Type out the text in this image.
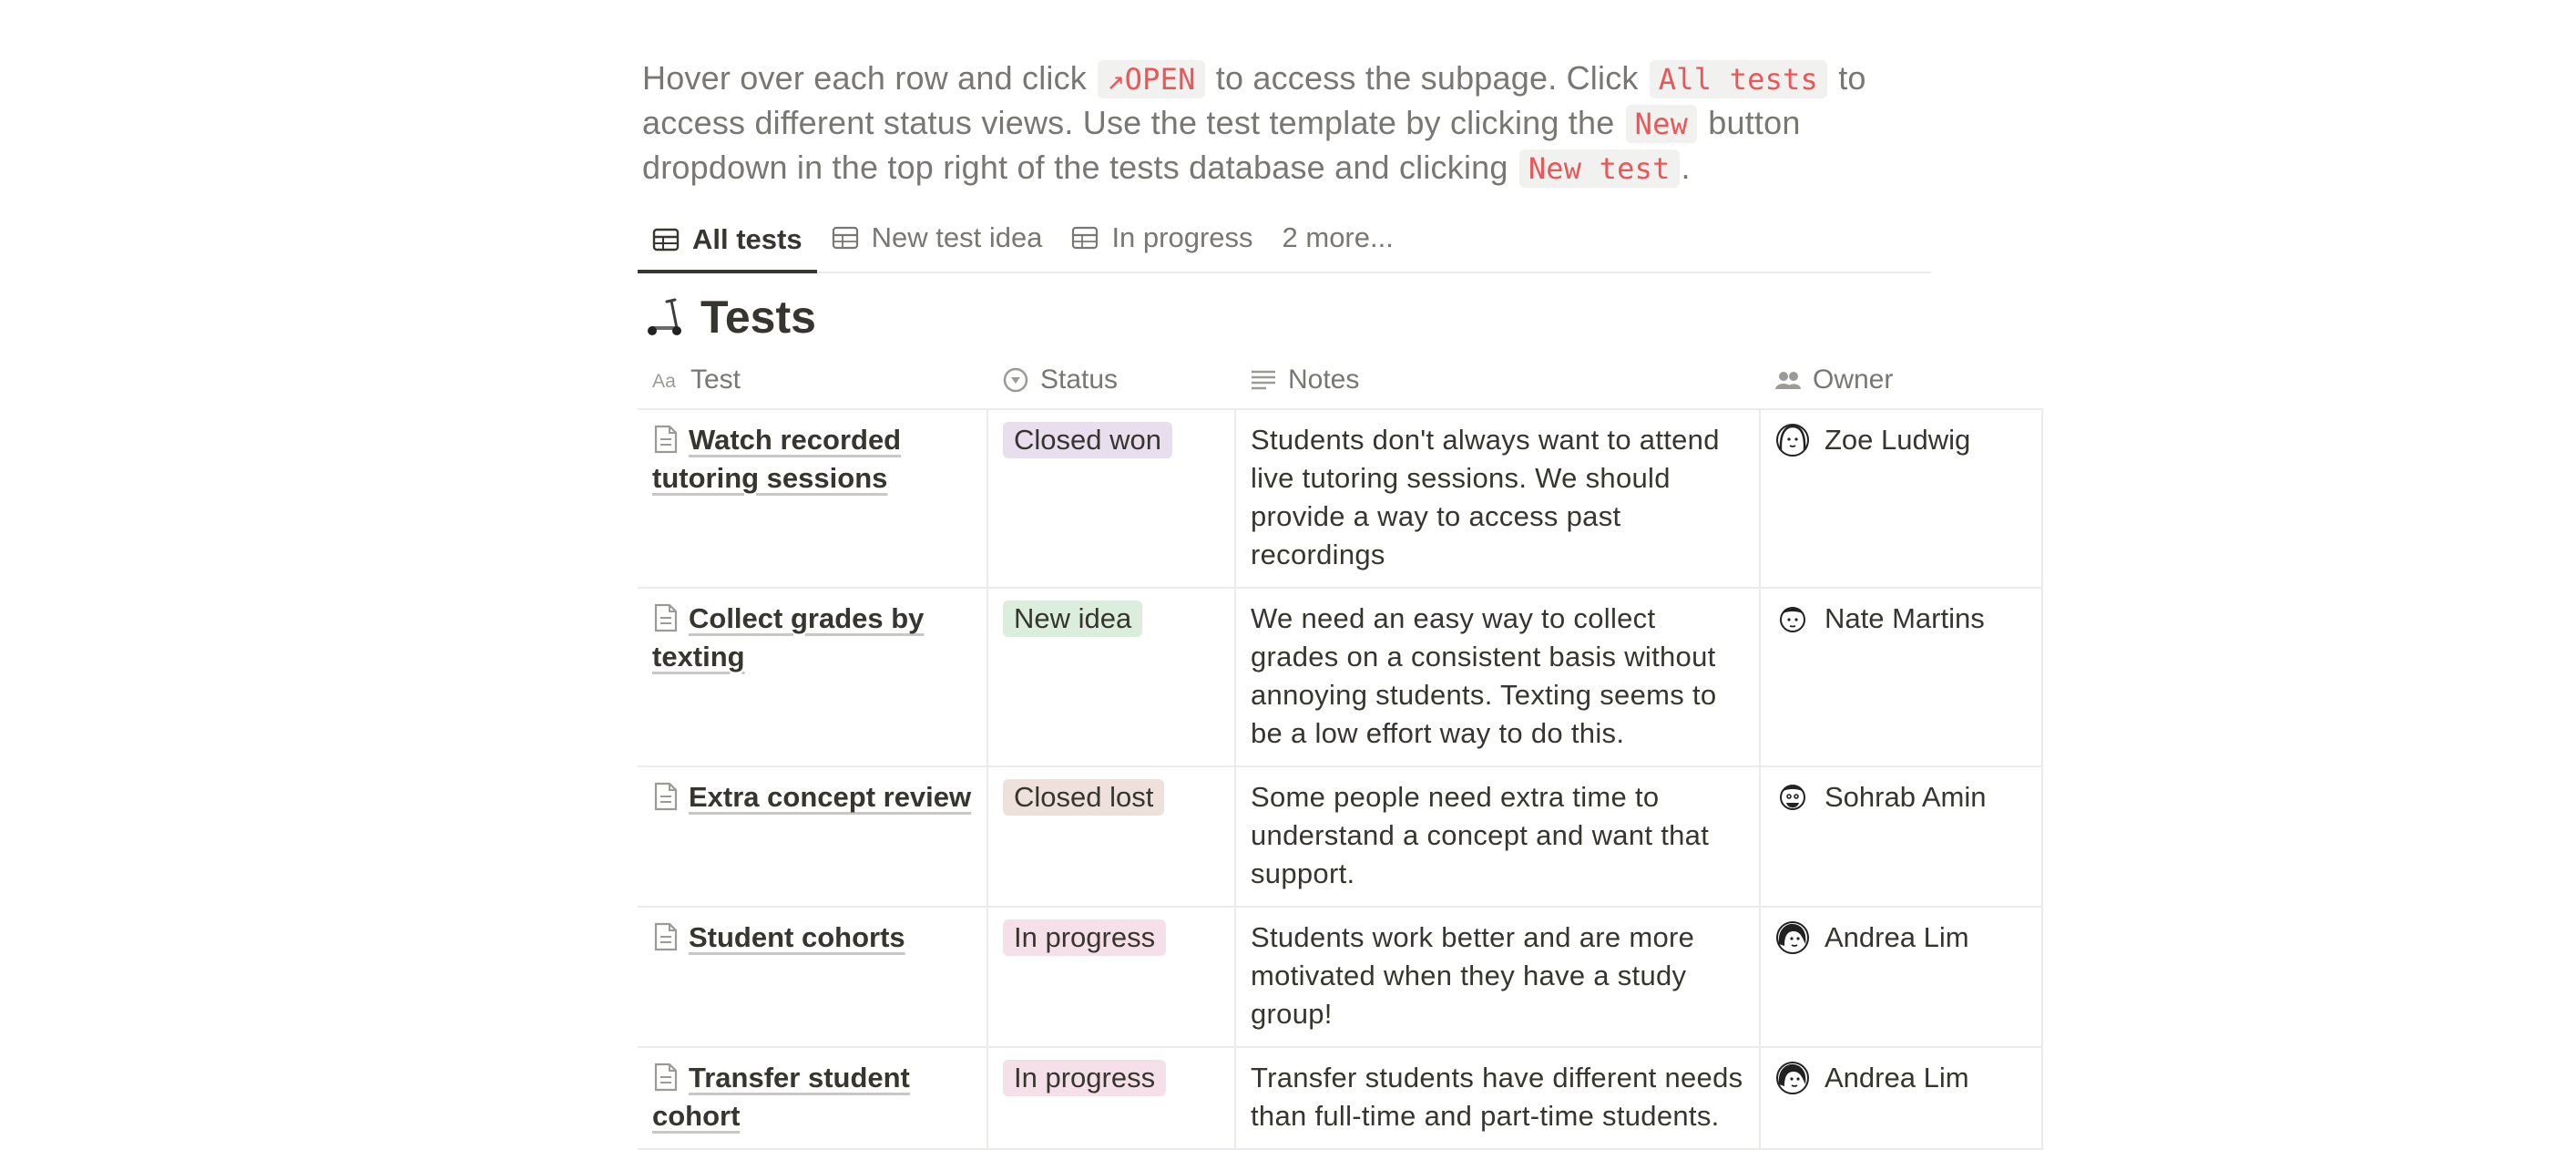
Hover over each row and click ↗OPEN to access the subpage. Click All tests to access different status views. Use the test template by clicking the New button dropdown in the top right of the tests database and clicking New test .
All tests New test idea In progress 2 more...
Tests
Aa Test	Status	Notes	Owner

Watch recorded tutoring sessions	Closed won	Students don't always want to attend live tutoring sessions. We should provide a way to access past recordings	Zoe Ludwig

Collect grades by texting	New idea	We need an easy way to collect grades on a consistent basis without annoying students. Texting seems to be a low effort way to do this.	Nate Martins

Extra concept review	Closed lost	Some people need extra time to understand a concept and want that support.	Sohrab Amin

Student cohorts	In progress	Students work better and are more motivated when they have a study group!	Andrea Lim

Transfer student cohort	In progress	Transfer students have different needs than full-time and part-time students.	Andrea Lim
